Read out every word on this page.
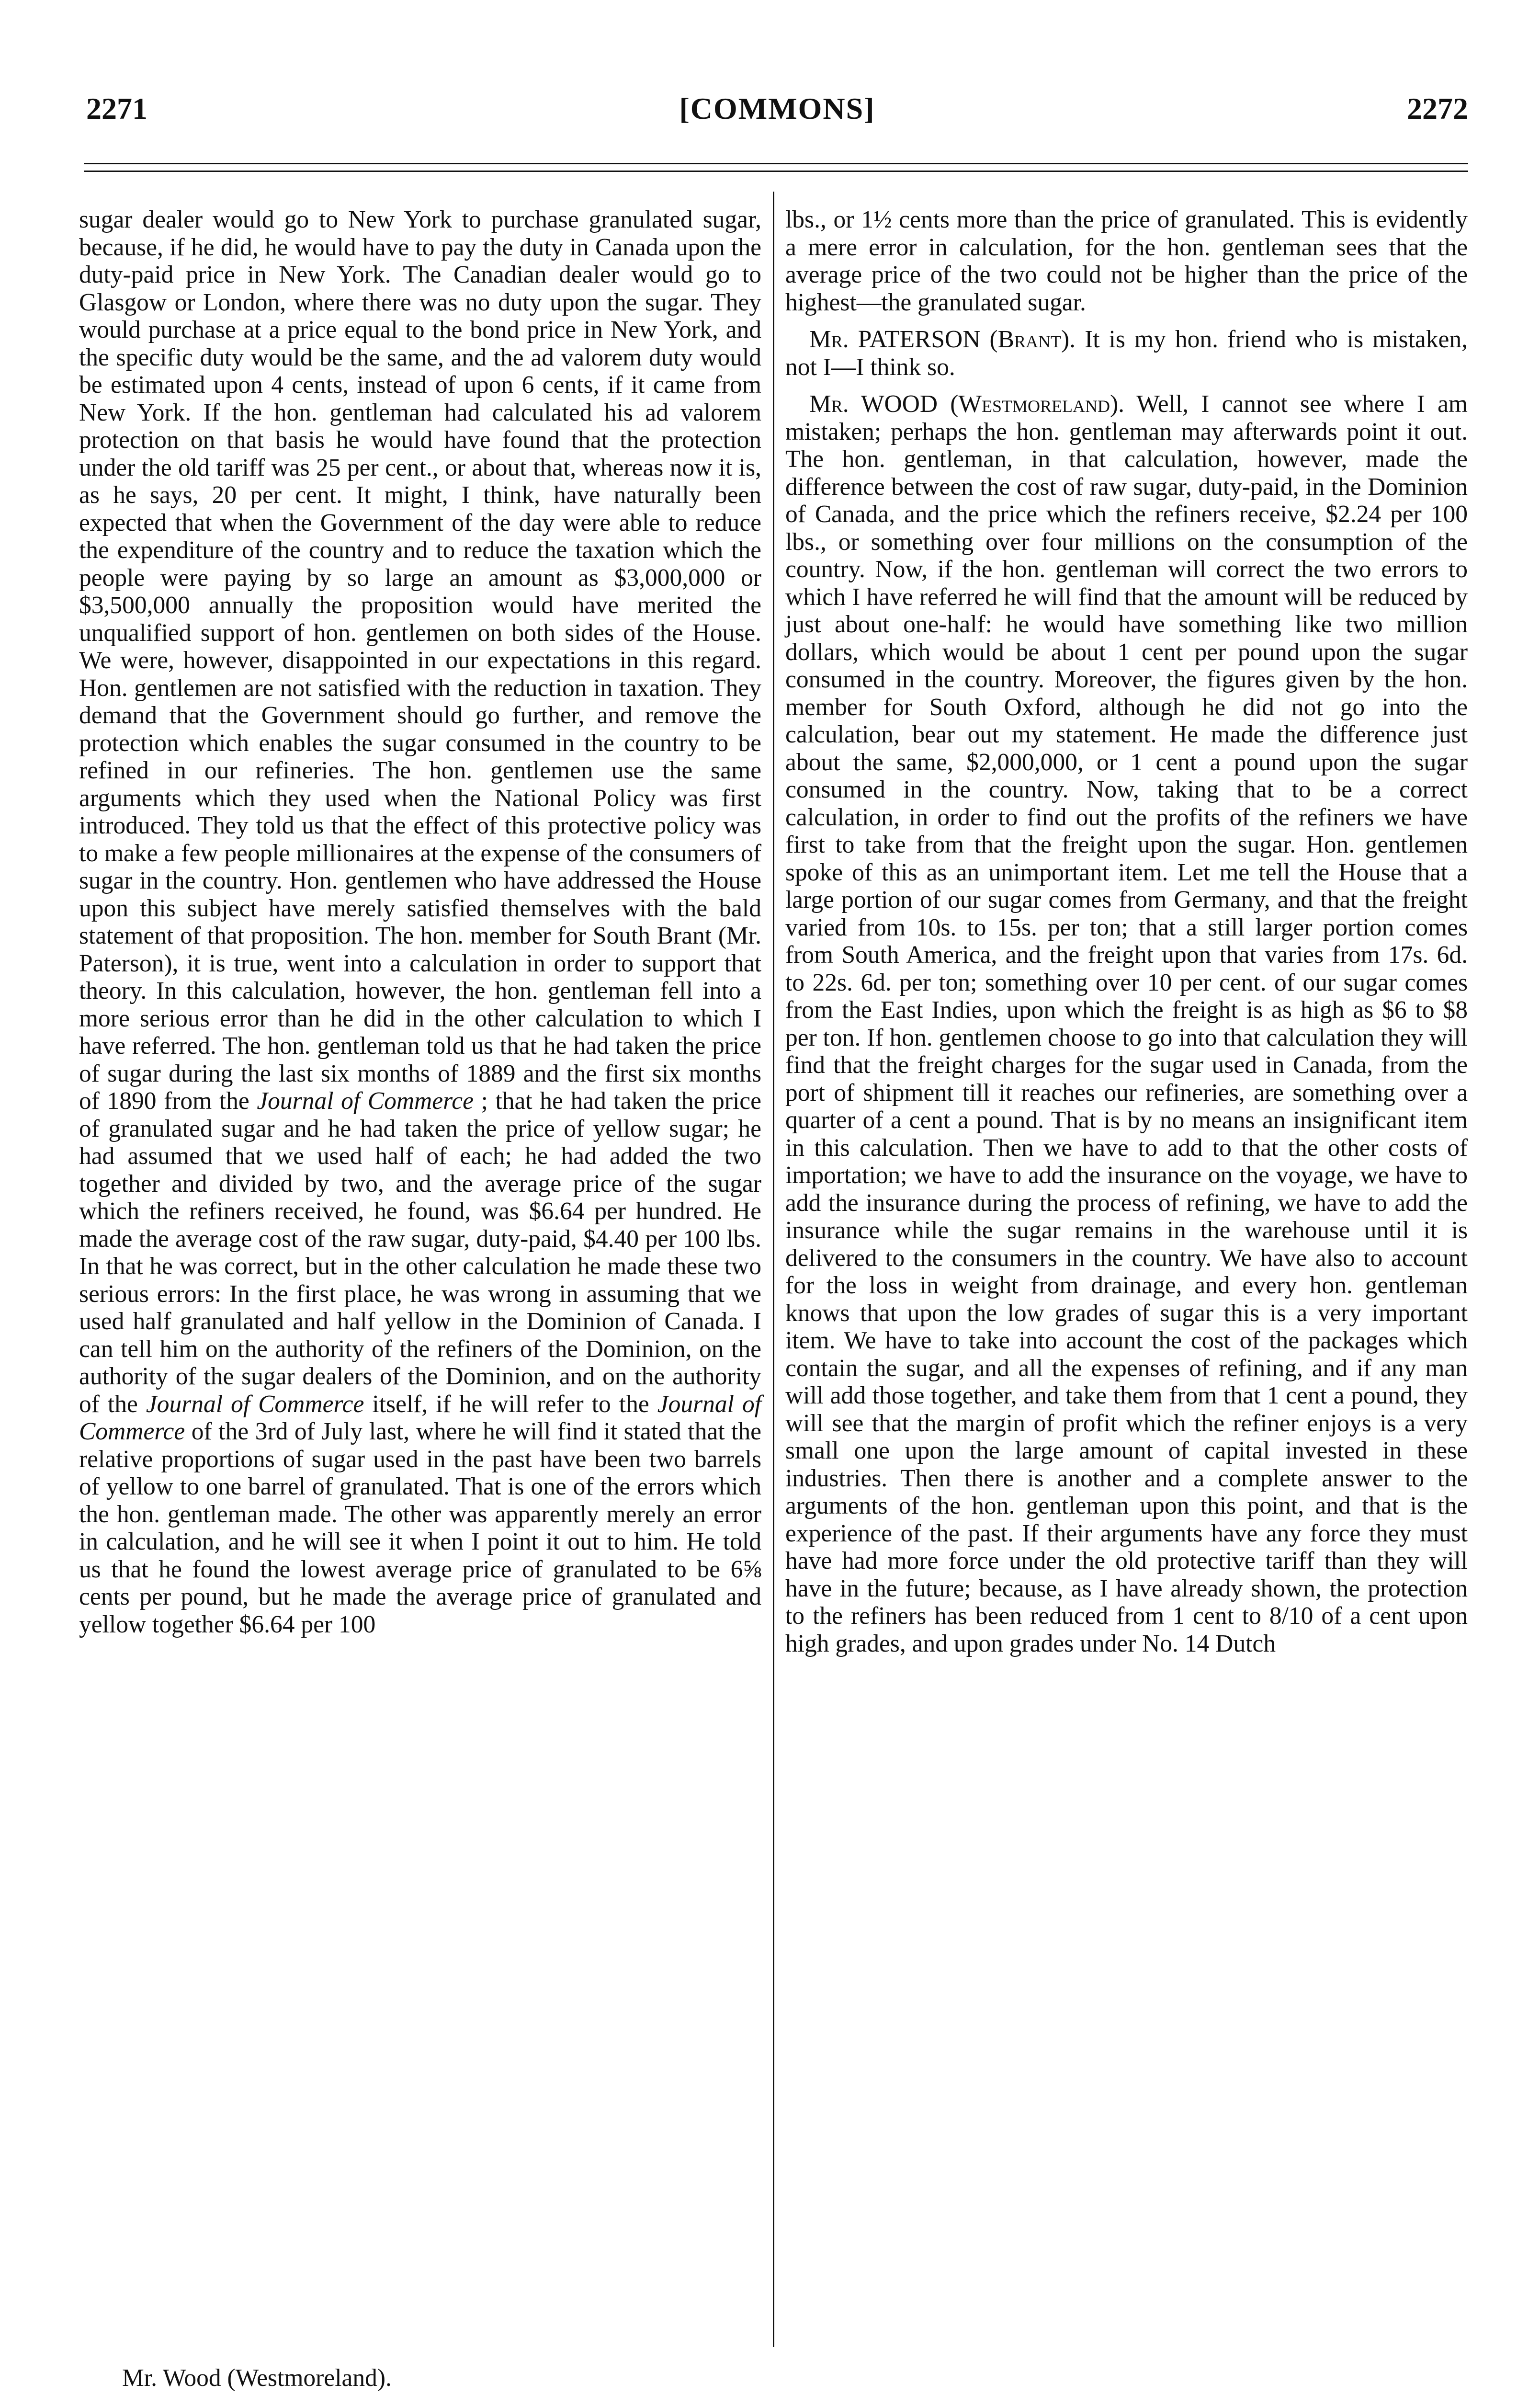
2271	[COMMONS]	2272

sugar dealer would go to New York to purchase granulated sugar, because, if he did, he would have to pay the duty in Canada upon the duty-paid price in New York. The Canadian dealer would go to Glasgow or London, where there was no duty upon the sugar. They would purchase at a price equal to the bond price in New York, and the specific duty would be the same, and the ad valorem duty would be estimated upon 4 cents, instead of upon 6 cents, if it came from New York. If the hon. gentleman had calculated his ad valorem protection on that basis he would have found that the protection under the old tariff was 25 per cent., or about that, whereas now it is, as he says, 20 per cent. It might, I think, have naturally been expected that when the Government of the day were able to reduce the expenditure of the country and to reduce the taxation which the people were paying by so large an amount as $3,000,000 or $3,500,000 annually the proposition would have merited the unqualified support of hon. gentlemen on both sides of the House. We were, however, disappointed in our expectations in this regard. Hon. gentlemen are not satisfied with the reduction in taxation. They demand that the Government should go further, and remove the protection which enables the sugar consumed in the country to be refined in our refineries. The hon. gentlemen use the same arguments which they used when the National Policy was first introduced. They told us that the effect of this protective policy was to make a few people millionaires at the expense of the consumers of sugar in the country. Hon. gentlemen who have addressed the House upon this subject have merely satisfied themselves with the bald statement of that proposition. The hon. member for South Brant (Mr. Paterson), it is true, went into a calculation in order to support that theory. In this calculation, however, the hon. gentleman fell into a more serious error than he did in the other calculation to which I have referred. The hon. gentleman told us that he had taken the price of sugar during the last six months of 1889 and the first six months of 1890 from the Journal of Commerce ; that he had taken the price of granulated sugar and he had taken the price of yellow sugar; he had assumed that we used half of each; he had added the two together and divided by two, and the average price of the sugar which the refiners received, he found, was $6.64 per hundred. He made the average cost of the raw sugar, duty-paid, $4.40 per 100 lbs. In that he was correct, but in the other calculation he made these two serious errors: In the first place, he was wrong in assuming that we used half granulated and half yellow in the Dominion of Canada. I can tell him on the authority of the refiners of the Dominion, on the authority of the sugar dealers of the Dominion, and on the authority of the Journal of Commerce itself, if he will refer to the Journal of Commerce of the 3rd of July last, where he will find it stated that the relative proportions of sugar used in the past have been two barrels of yellow to one barrel of granulated. That is one of the errors which the hon. gentleman made. The other was apparently merely an error in calculation, and he will see it when I point it out to him. He told us that he found the lowest average price of granulated to be 6⅝ cents per pound, but he made the average price of granulated and yellow together $6.64 per 100

lbs., or 1½ cents more than the price of granulated. This is evidently a mere error in calculation, for the hon. gentleman sees that the average price of the two could not be higher than the price of the highest—the granulated sugar.

Mr. PATERSON (Brant). It is my hon. friend who is mistaken, not I—I think so.

Mr. WOOD (Westmoreland). Well, I cannot see where I am mistaken; perhaps the hon. gentleman may afterwards point it out. The hon. gentleman, in that calculation, however, made the difference between the cost of raw sugar, duty-paid, in the Dominion of Canada, and the price which the refiners receive, $2.24 per 100 lbs., or something over four millions on the consumption of the country. Now, if the hon. gentleman will correct the two errors to which I have referred he will find that the amount will be reduced by just about one-half: he would have something like two million dollars, which would be about 1 cent per pound upon the sugar consumed in the country. Moreover, the figures given by the hon. member for South Oxford, although he did not go into the calculation, bear out my statement. He made the difference just about the same, $2,000,000, or 1 cent a pound upon the sugar consumed in the country. Now, taking that to be a correct calculation, in order to find out the profits of the refiners we have first to take from that the freight upon the sugar. Hon. gentlemen spoke of this as an unimportant item. Let me tell the House that a large portion of our sugar comes from Germany, and that the freight varied from 10s. to 15s. per ton; that a still larger portion comes from South America, and the freight upon that varies from 17s. 6d. to 22s. 6d. per ton; something over 10 per cent. of our sugar comes from the East Indies, upon which the freight is as high as $6 to $8 per ton. If hon. gentlemen choose to go into that calculation they will find that the freight charges for the sugar used in Canada, from the port of shipment till it reaches our refineries, are something over a quarter of a cent a pound. That is by no means an insignificant item in this calculation. Then we have to add to that the other costs of importation; we have to add the insurance on the voyage, we have to add the insurance during the process of refining, we have to add the insurance while the sugar remains in the warehouse until it is delivered to the consumers in the country. We have also to account for the loss in weight from drainage, and every hon. gentleman knows that upon the low grades of sugar this is a very important item. We have to take into account the cost of the packages which contain the sugar, and all the expenses of refining, and if any man will add those together, and take them from that 1 cent a pound, they will see that the margin of profit which the refiner enjoys is a very small one upon the large amount of capital invested in these industries. Then there is another and a complete answer to the arguments of the hon. gentleman upon this point, and that is the experience of the past. If their arguments have any force they must have had more force under the old protective tariff than they will have in the future; because, as I have already shown, the protection to the refiners has been reduced from 1 cent to 8/10 of a cent upon high grades, and upon grades under No. 14 Dutch

Mr. Wood (Westmoreland).
